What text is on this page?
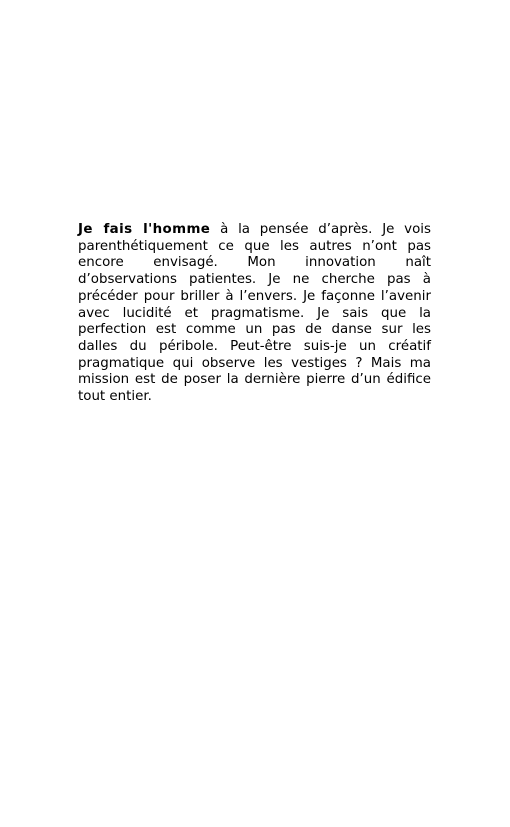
Je fais l'homme à la pensée d’après. Je vois parenthétiquement ce que les autres n’ont pas encore envisagé. Mon innovation naît d’observations patientes. Je ne cherche pas à précéder pour briller à l’envers. Je façonne l’avenir avec lucidité et pragmatisme. Je sais que la perfection est comme un pas de danse sur les dalles du péribole. Peut-être suis-je un créatif pragmatique qui observe les vestiges ? Mais ma mission est de poser la dernière pierre d’un édifice tout entier.
